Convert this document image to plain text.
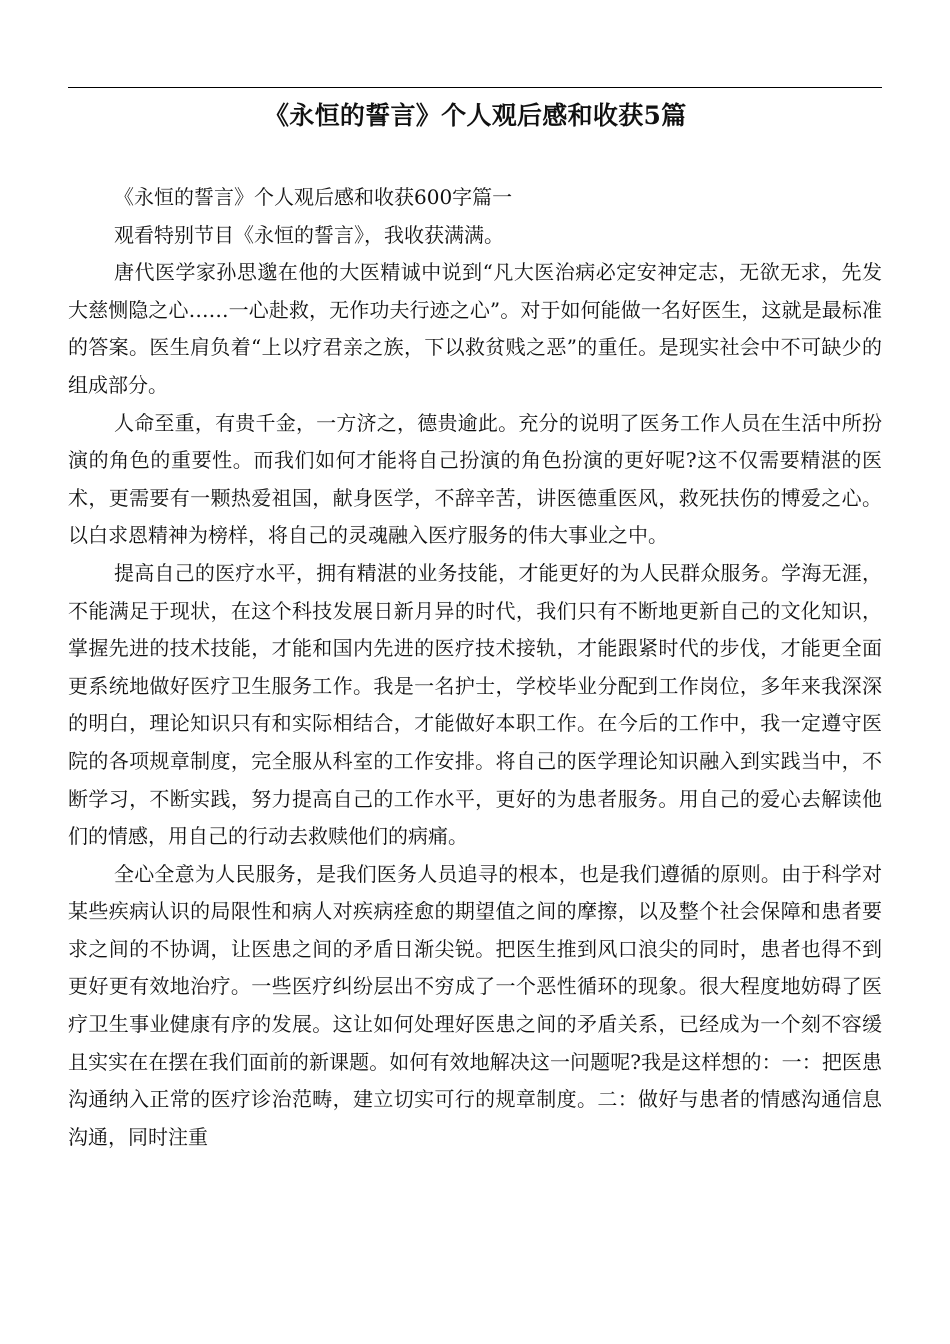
《永恒的誓言》个人观后感和收获5篇

《永恒的誓言》个人观后感和收获600字篇一

观看特别节目《永恒的誓言》，我收获满满。

唐代医学家孙思邈在他的大医精诚中说到“凡大医治病必定安神定志，无欲无求，先发大慈恻隐之心……一心赴救，无作功夫行迹之心”。对于如何能做一名好医生，这就是最标准的答案。医生肩负着“上以疗君亲之族，下以救贫贱之恶”的重任。是现实社会中不可缺少的组成部分。

人命至重，有贵千金，一方济之，德贵逾此。充分的说明了医务工作人员在生活中所扮演的角色的重要性。而我们如何才能将自己扮演的角色扮演的更好呢?这不仅需要精湛的医术，更需要有一颗热爱祖国，献身医学，不辞辛苦，讲医德重医风，救死扶伤的博爱之心。以白求恩精神为榜样，将自己的灵魂融入医疗服务的伟大事业之中。

提高自己的医疗水平，拥有精湛的业务技能，才能更好的为人民群众服务。学海无涯，不能满足于现状，在这个科技发展日新月异的时代，我们只有不断地更新自己的文化知识，掌握先进的技术技能，才能和国内先进的医疗技术接轨，才能跟紧时代的步伐，才能更全面更系统地做好医疗卫生服务工作。我是一名护士，学校毕业分配到工作岗位，多年来我深深的明白，理论知识只有和实际相结合，才能做好本职工作。在今后的工作中，我一定遵守医院的各项规章制度，完全服从科室的工作安排。将自己的医学理论知识融入到实践当中，不断学习，不断实践，努力提高自己的工作水平，更好的为患者服务。用自己的爱心去解读他们的情感，用自己的行动去救赎他们的病痛。

全心全意为人民服务，是我们医务人员追寻的根本，也是我们遵循的原则。由于科学对某些疾病认识的局限性和病人对疾病痊愈的期望值之间的摩擦，以及整个社会保障和患者要求之间的不协调，让医患之间的矛盾日渐尖锐。把医生推到风口浪尖的同时，患者也得不到更好更有效地治疗。一些医疗纠纷层出不穷成了一个恶性循环的现象。很大程度地妨碍了医疗卫生事业健康有序的发展。这让如何处理好医患之间的矛盾关系，已经成为一个刻不容缓且实实在在摆在我们面前的新课题。如何有效地解决这一问题呢?我是这样想的：一：把医患沟通纳入正常的医疗诊治范畴，建立切实可行的规章制度。二：做好与患者的情感沟通信息沟通，同时注重
